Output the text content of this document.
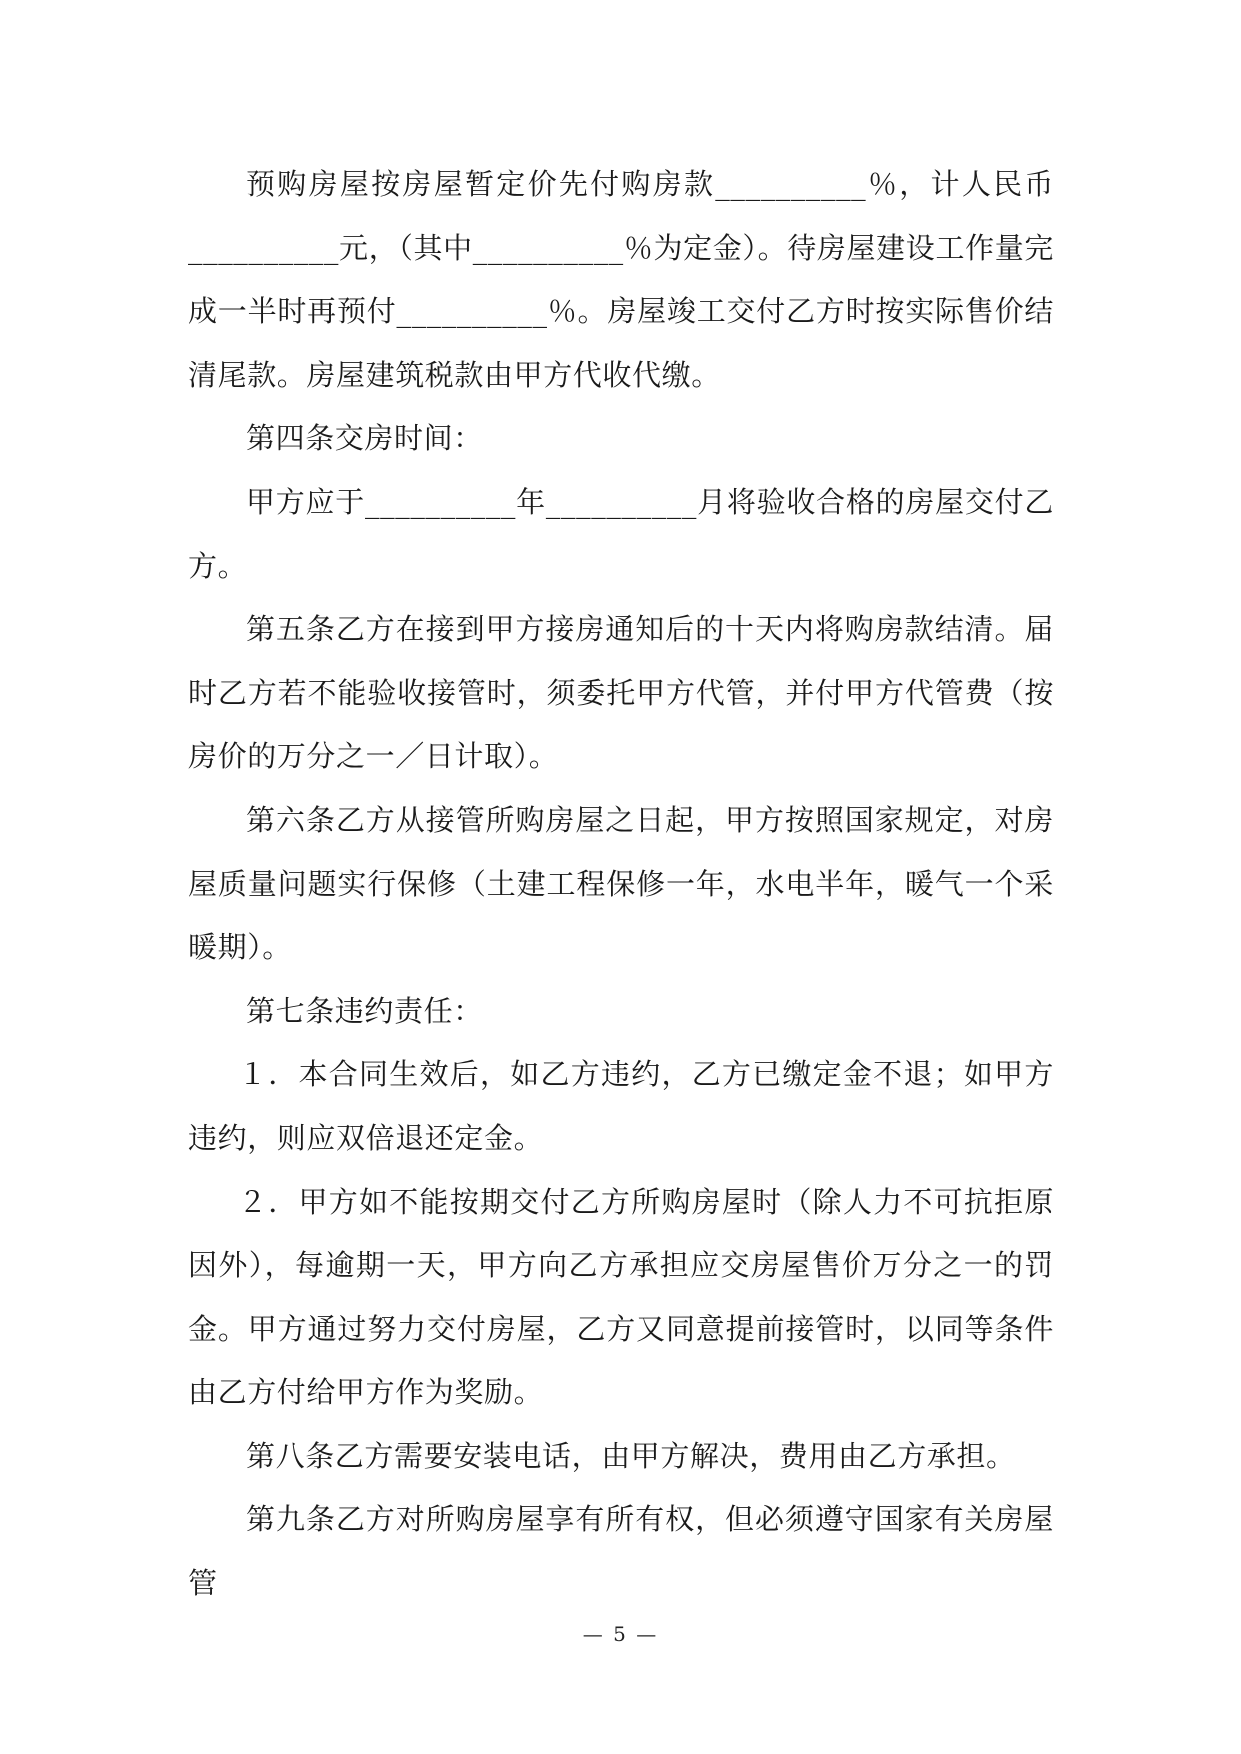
预购房屋按房屋暂定价先付购房款__________％，计人民币__________元，（其中__________％为定金）。待房屋建设工作量完成一半时再预付__________％。房屋竣工交付乙方时按实际售价结清尾款。房屋建筑税款由甲方代收代缴。

第四条交房时间：

甲方应于__________年__________月将验收合格的房屋交付乙方。

第五条乙方在接到甲方接房通知后的十天内将购房款结清。届时乙方若不能验收接管时，须委托甲方代管，并付甲方代管费（按房价的万分之一／日计取）。

第六条乙方从接管所购房屋之日起，甲方按照国家规定，对房屋质量问题实行保修（土建工程保修一年，水电半年，暖气一个采暖期）。

第七条违约责任：

１．本合同生效后，如乙方违约，乙方已缴定金不退；如甲方违约，则应双倍退还定金。

２．甲方如不能按期交付乙方所购房屋时（除人力不可抗拒原因外），每逾期一天，甲方向乙方承担应交房屋售价万分之一的罚金。甲方通过努力交付房屋，乙方又同意提前接管时，以同等条件由乙方付给甲方作为奖励。

第八条乙方需要安装电话，由甲方解决，费用由乙方承担。

第九条乙方对所购房屋享有所有权，但必须遵守国家有关房屋管

— 5 —
